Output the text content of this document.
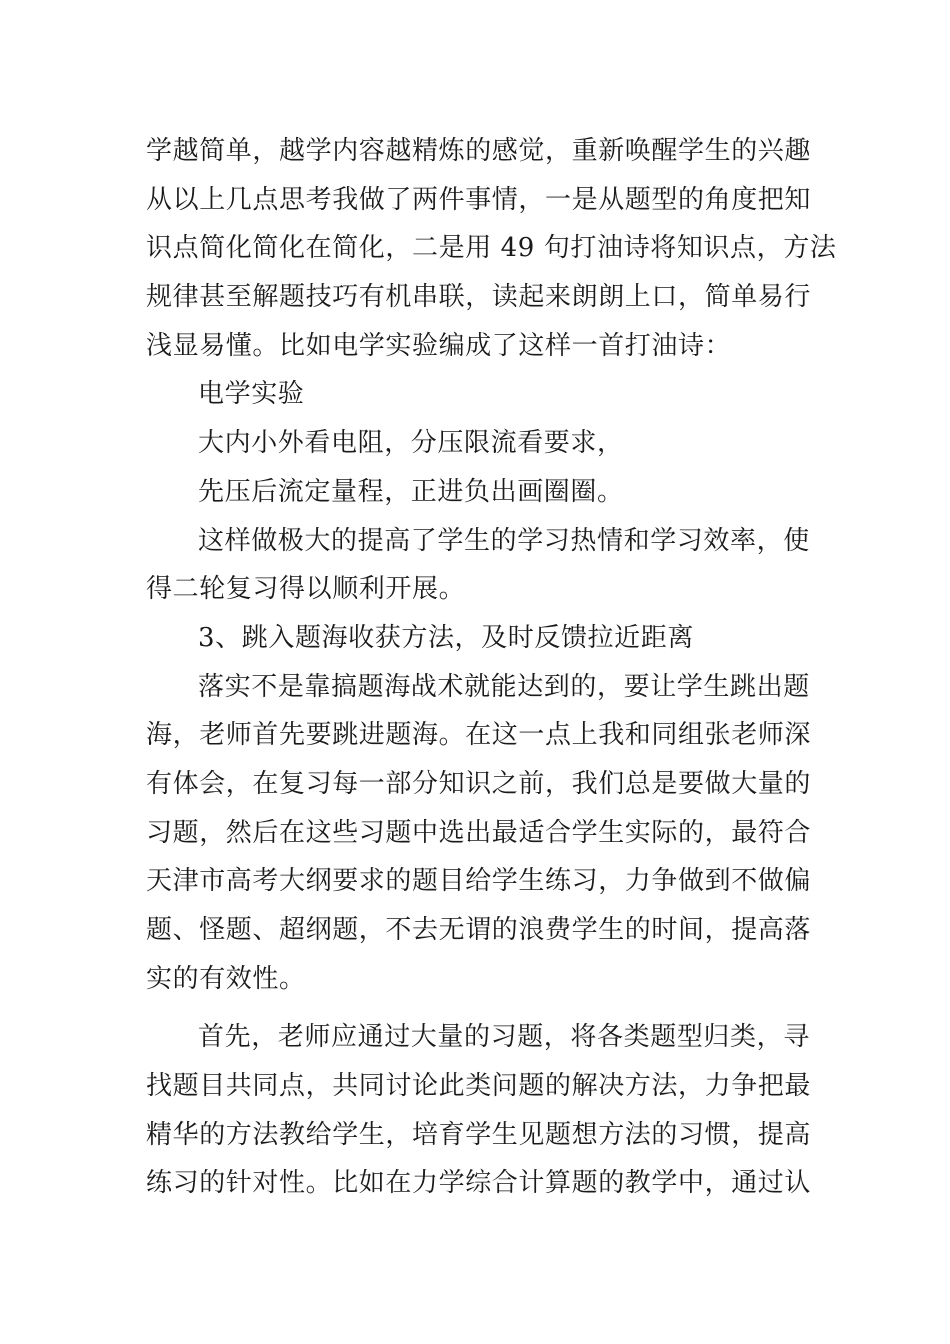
学越简单，越学内容越精炼的感觉，重新唤醒学生的兴趣
从以上几点思考我做了两件事情，一是从题型的角度把知
识点简化简化在简化，二是用 49 句打油诗将知识点，方法
规律甚至解题技巧有机串联，读起来朗朗上口，简单易行
浅显易懂。比如电学实验编成了这样一首打油诗：
电学实验
大内小外看电阻，分压限流看要求，
先压后流定量程，正进负出画圈圈。
这样做极大的提高了学生的学习热情和学习效率，使
得二轮复习得以顺利开展。
3、跳入题海收获方法，及时反馈拉近距离
落实不是靠搞题海战术就能达到的，要让学生跳出题
海，老师首先要跳进题海。在这一点上我和同组张老师深
有体会，在复习每一部分知识之前，我们总是要做大量的
习题，然后在这些习题中选出最适合学生实际的，最符合
天津市高考大纲要求的题目给学生练习，力争做到不做偏
题、怪题、超纲题，不去无谓的浪费学生的时间，提高落
实的有效性。
首先，老师应通过大量的习题，将各类题型归类，寻
找题目共同点，共同讨论此类问题的解决方法，力争把最
精华的方法教给学生，培育学生见题想方法的习惯，提高
练习的针对性。比如在力学综合计算题的教学中，通过认
